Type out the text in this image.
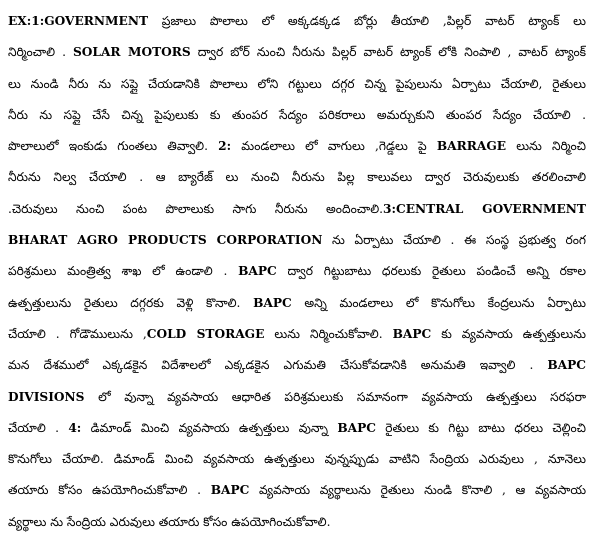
EX:1:GOVERNMENT ప్రజాలు పొలాలు లో అక్కడక్కడ బోర్లు తీయాలి ,పిల్లర్ వాటర్ ట్యాంక్ లు
నిర్మించాలి . SOLAR MOTORS ద్వార బోర్ నుంచి నీరును పిల్లర్ వాటర్ ట్యాంక్ లోకి నింపాలి , వాటర్ ట్యాంక్
లు నుండి నీరు ను సప్లై చేయడానికి పొలాలు లోని గట్టులు దగ్గర చిన్న పైపులును ఏర్పాటు చేయాలి, రైతులు
నీరు ను సప్లై చేసే చిన్న పైపులుకు కు తుంపర సేద్యం పరికరాలు అమర్చుకుని తుంపర సేద్యం చేయాలి .
పొలాలులో ఇంకుడు గుంతలు తివ్వాలి. 2: మండలాలు లో వాగులు ,గెడ్డలు పై BARRAGE లును నిర్మించి
నీరును నిల్వ చేయాలి . ఆ బ్యారేజ్ లు నుంచి నీరును పిల్ల కాలువలు ద్వార చెరువులుకు తరలించాలి
.చెరువులు నుంచి పంట పొలాలుకు సాగు నీరును అందించాలి.3:CENTRAL GOVERNMENT
BHARAT AGRO PRODUCTS CORPORATION ను ఏర్పాటు చేయాలి . ఈ సంస్థ ప్రభుత్వ రంగ
పరిశ్రమలు మంత్రిత్వ శాఖ లో ఉండాలి . BAPC ద్వార గిట్టుబాటు ధరలుకు రైతులు పండించే అన్ని రకాల
ఉత్పత్తులును రైతులు దగ్గరకు వెళ్లి కొనాలి. BAPC అన్ని మండలాలు లో కొనుగోలు కేంద్రలును ఏర్పాటు
చేయాలి . గోడౌములును ,COLD STORAGE లును నిర్మించుకోవాలి. BAPC కు వ్యవసాయ ఉత్పత్తులును
మన దేశములో ఎక్కడకైన విదేశాలలో ఎక్కడకైన ఎగుమతి చేసుకోవడానికి అనుమతి ఇవ్వాలి . BAPC
DIVISIONS లో వున్నా వ్యవసాయ ఆధారిత పరిశ్రమలుకు సమానంగా వ్యవసాయ ఉత్పత్తులు సరఫరా
చేయాలి . 4: డిమాండ్ మించి వ్యవసాయ ఉత్పత్తులు వున్నా BAPC రైతులు కు గిట్టు బాటు ధరలు చెల్లించి
కొనుగోలు చేయాలి. డిమాండ్ మించి వ్యవసాయ ఉత్పత్తులు వున్నప్పుడు వాటిని సేంద్రియ ఎరువులు , నూనెలు
తయారు కోసం ఉపయోగించుకోవాలి . BAPC వ్యవసాయ వ్యర్థాలును రైతులు నుండి కొనాలి , ఆ వ్యవసాయ
వ్యర్థాలు ను సేంద్రియ ఎరువులు తయారు కోసం ఉపయోగించుకోవాలి.
